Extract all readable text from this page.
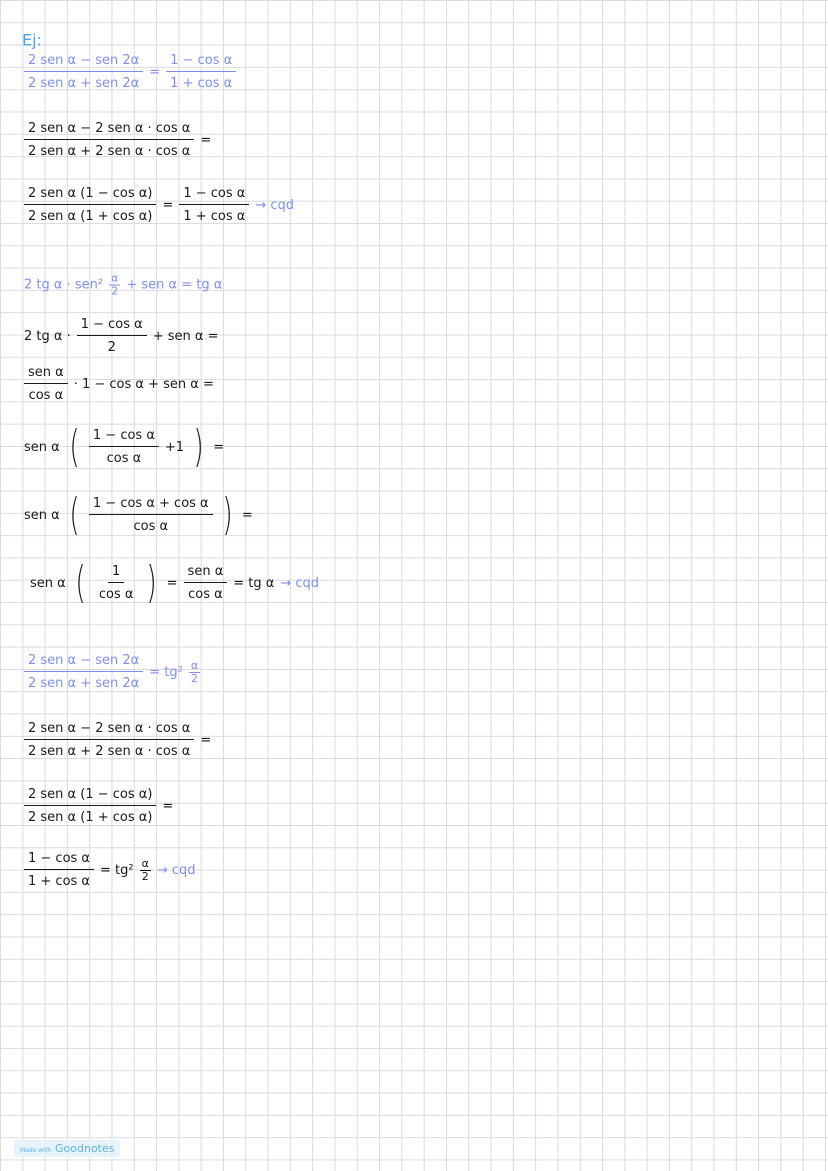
Ej:
$\frac{\text{2 sen α − sen 2α}}{\text{2 sen α + sen 2α}} = \frac{\text{1 − cos α}}{\text{1 + cos α}}$
$\frac{\text{2 sen α − 2 sen α · cos α}}{\text{2 sen α + 2 sen α · cos α}}$ =
$\frac{\text{2 sen α (1 − cos α)}}{\text{2 sen α (1 + cos α)}} = \frac{\text{1 − cos α}}{\text{1 + cos α}}$ → cqd
2 tg $\alpha \cdot sen^2 \frac{\alpha}{2}$ + sen α = tg α
2 tg $\alpha \cdot \frac{\text{1 − cos α}}{2}$ + sen α =
$\frac{\text{sen α}}{\text{cos α}} \cdot 1 - \cos \alpha$ + sen α =
sen α ( $\frac{\text{1 − cos α}}{\text{cos α}} +1$ ) =
sen α ( $\frac{\text{1 − cos α + cos α}}{\text{cos α}}$ ) =
sen α ( $\frac{1}{\text{cos α}}$ ) = $\frac{\text{sen α}}{\text{cos α}}$ = tg α → cqd
$\frac{\text{2 sen α − sen 2α}}{\text{2 sen α + sen 2α}} = tg^2 \frac{\alpha}{2}$
$\frac{\text{2 sen α − 2 sen α · cos α}}{\text{2 sen α + 2 sen α · cos α}}$ =
$\frac{\text{2 sen α (1 − cos α)}}{\text{2 sen α (1 + cos α)}}$ =
$\frac{\text{1 − cos α}}{\text{1 + cos α}} = tg^2 \frac{\alpha}{2}$ → cqd
Made with Goodnotes
